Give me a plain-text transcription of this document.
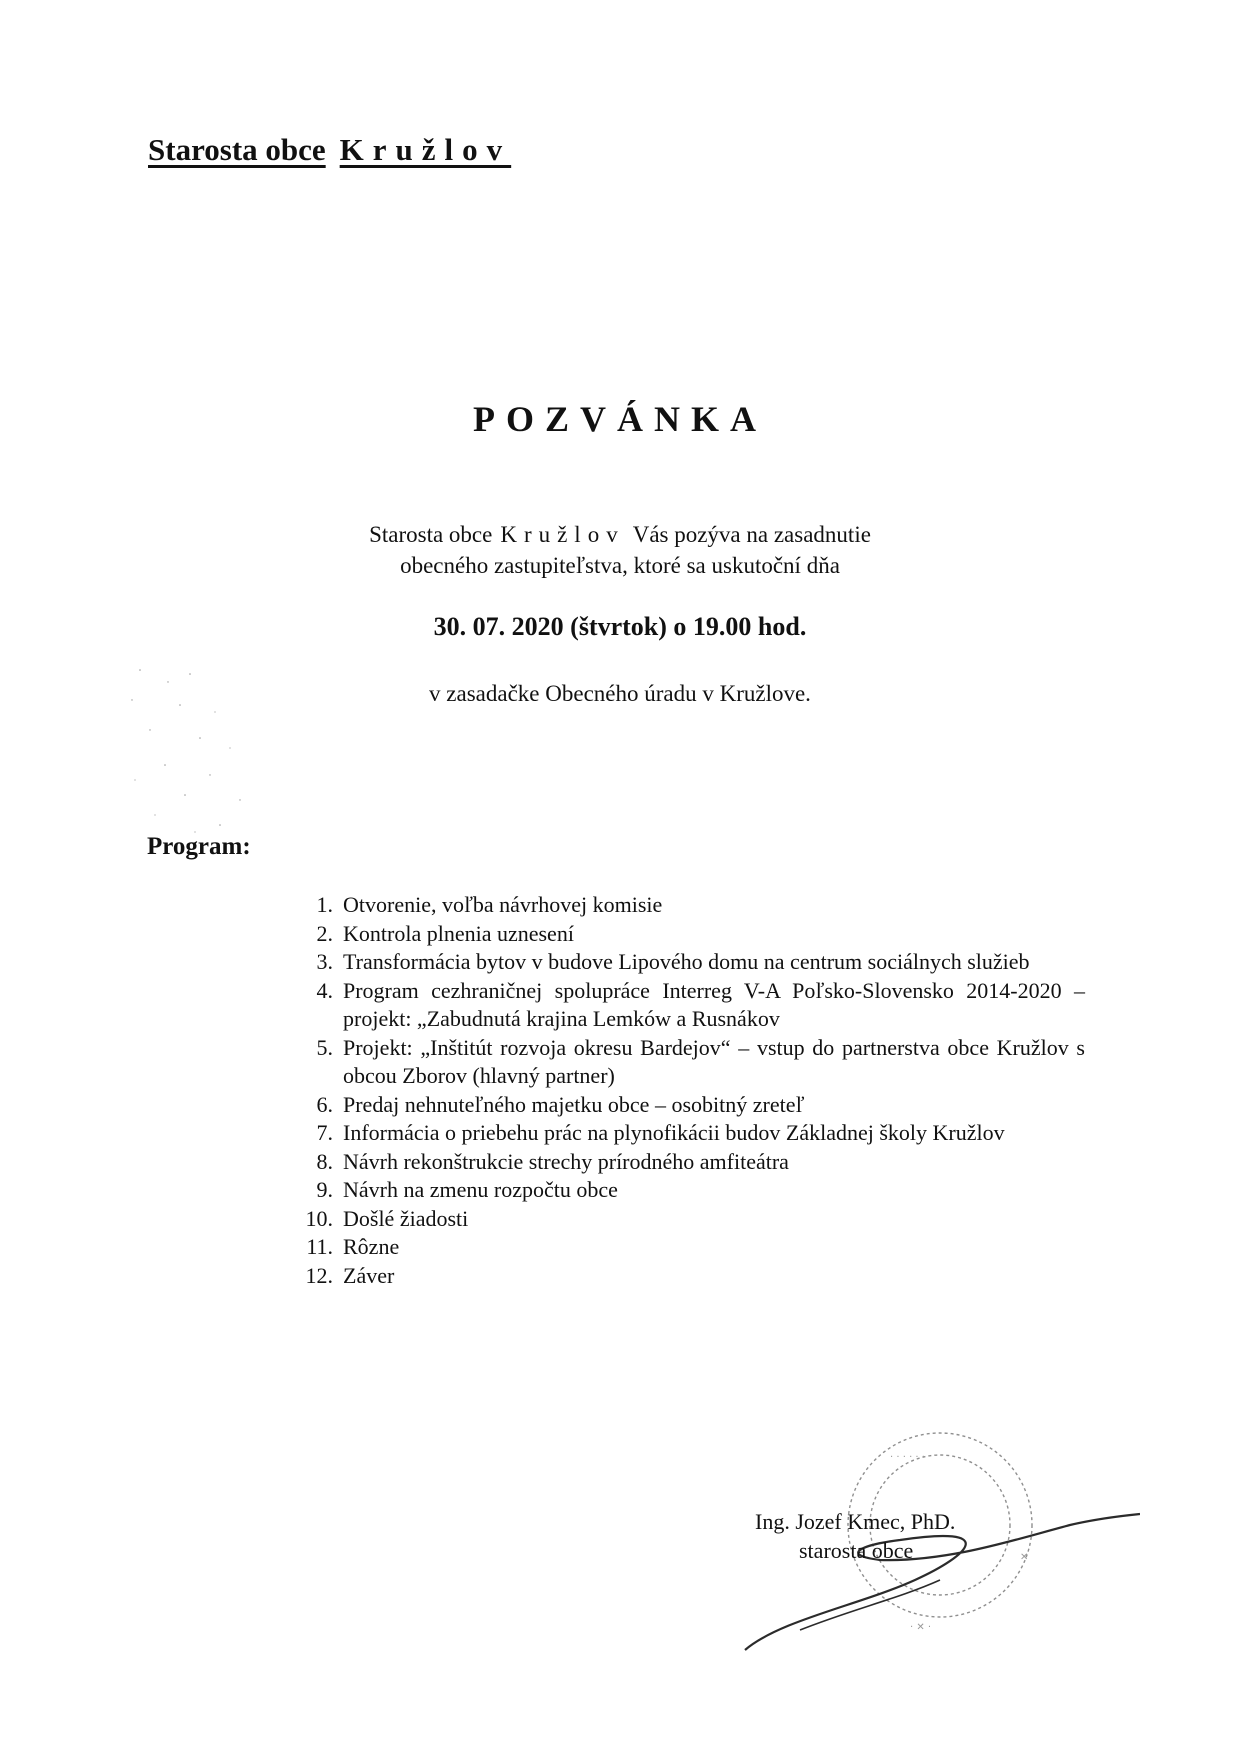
Starosta obce Kružlov
POZVÁNKA
Starosta obce Kružlov Vás pozýva na zasadnutie
obecného zastupiteľstva, ktoré sa uskutoční dňa
30. 07. 2020 (štvrtok) o 19.00 hod.
v zasadačke Obecného úradu v Kružlove.
Program:
1. Otvorenie, voľba návrhovej komisie
2. Kontrola plnenia uznesení
3. Transformácia bytov v budove Lipového domu na centrum sociálnych služieb
4. Program cezhraničnej spolupráce Interreg V-A Poľsko-Slovensko 2014-2020 – projekt: „Zabudnutá krajina Lemków a Rusnákov
5. Projekt: „Inštitút rozvoja okresu Bardejov“ – vstup do partnerstva obce Kružlov s obcou Zborov (hlavný partner)
6. Predaj nehnuteľného majetku obce – osobitný zreteľ
7. Informácia o priebehu prác na plynofikácii budov Základnej školy Kružlov
8. Návrh rekonštrukcie strechy prírodného amfiteátra
9. Návrh na zmenu rozpočtu obce
10. Došlé žiadosti
11. Rôzne
12. Záver
· · · · · ·
✕
· ✕ ·
Ing. Jozef Kmec, PhD.
starosta obce
